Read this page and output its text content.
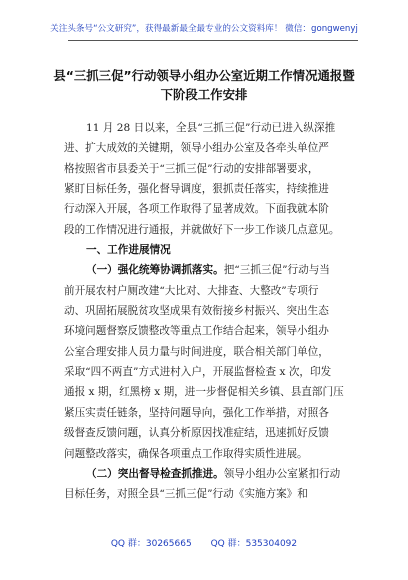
关注头条号“公文研究”，获得最新最全最专业的公文资料库！ 微信：gongwenyj
县“三抓三促”行动领导小组办公室近期工作情况通报暨
下阶段工作安排
11 月 28 日以来，全县“三抓三促”行动已进入纵深推
进、扩大成效的关键期，领导小组办公室及各牵头单位严
格按照省市县委关于“三抓三促”行动的安排部署要求，
紧盯目标任务，强化督导调度，狠抓责任落实，持续推进
行动深入开展，各项工作取得了显著成效。下面我就本阶
段的工作情况进行通报，并就做好下一步工作谈几点意见。
一、工作进展情况
（一）强化统筹协调抓落实。把“三抓三促”行动与当
前开展农村户厕改建“大比对、大排查、大整改”专项行
动、巩固拓展脱贫攻坚成果有效衔接乡村振兴、突出生态
环境问题督察反馈整改等重点工作结合起来，领导小组办
公室合理安排人员力量与时间进度，联合相关部门单位，
采取“四不两直”方式进村入户，开展监督检查 x 次，印发
通报 x 期，红黑榜 x 期，进一步督促相关乡镇、县直部门压
紧压实责任链条，坚持问题导向，强化工作举措，对照各
级督查反馈问题，认真分析原因找准症结，迅速抓好反馈
问题整改落实，确保各项重点工作取得实质性进展。
（二）突出督导检查抓推进。领导小组办公室紧扣行动
目标任务，对照全县“三抓三促”行动《实施方案》和
QQ 群：30265665 QQ 群：535304092
